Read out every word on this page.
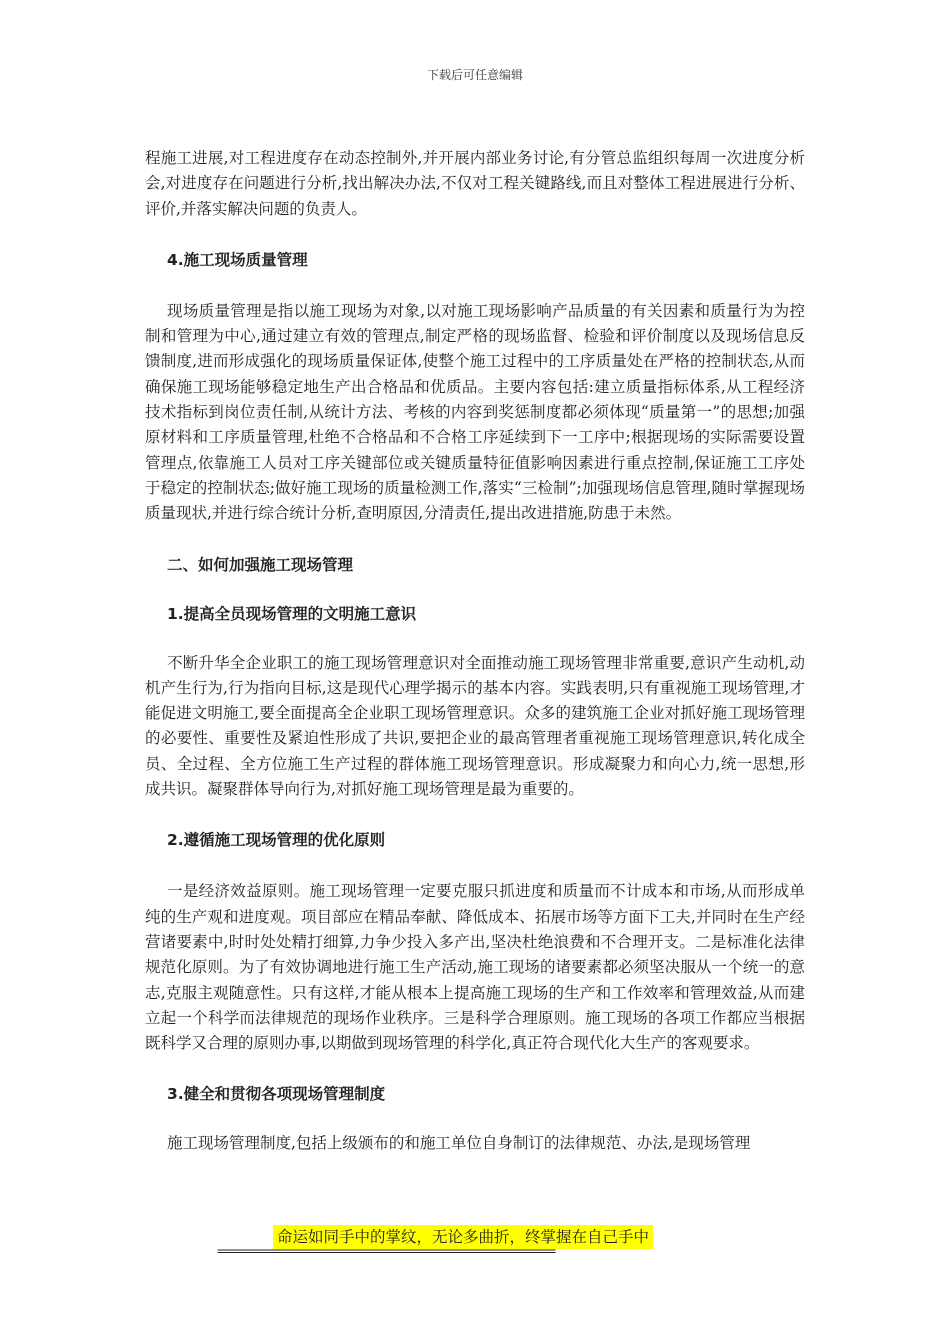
下载后可任意编辑

程施工进展,对工程进度存在动态控制外,并开展内部业务讨论,有分管总监组织每周一次进度分析会,对进度存在问题进行分析,找出解决办法,不仅对工程关键路线,而且对整体工程进展进行分析、评价,并落实解决问题的负责人。

4.施工现场质量管理

现场质量管理是指以施工现场为对象,以对施工现场影响产品质量的有关因素和质量行为为控制和管理为中心,通过建立有效的管理点,制定严格的现场监督、检验和评价制度以及现场信息反馈制度,进而形成强化的现场质量保证体,使整个施工过程中的工序质量处在严格的控制状态,从而确保施工现场能够稳定地生产出合格品和优质品。主要内容包括:建立质量指标体系,从工程经济技术指标到岗位责任制,从统计方法、考核的内容到奖惩制度都必须体现“质量第一”的思想;加强原材料和工序质量管理,杜绝不合格品和不合格工序延续到下一工序中;根据现场的实际需要设置管理点,依靠施工人员对工序关键部位或关键质量特征值影响因素进行重点控制,保证施工工序处于稳定的控制状态;做好施工现场的质量检测工作,落实“三检制”;加强现场信息管理,随时掌握现场质量现状,并进行综合统计分析,查明原因,分清责任,提出改进措施,防患于未然。

二、如何加强施工现场管理

1.提高全员现场管理的文明施工意识

不断升华全企业职工的施工现场管理意识对全面推动施工现场管理非常重要,意识产生动机,动机产生行为,行为指向目标,这是现代心理学揭示的基本内容。实践表明,只有重视施工现场管理,才能促进文明施工,要全面提高全企业职工现场管理意识。众多的建筑施工企业对抓好施工现场管理的必要性、重要性及紧迫性形成了共识,要把企业的最高管理者重视施工现场管理意识,转化成全员、全过程、全方位施工生产过程的群体施工现场管理意识。形成凝聚力和向心力,统一思想,形成共识。凝聚群体导向行为,对抓好施工现场管理是最为重要的。

2.遵循施工现场管理的优化原则

一是经济效益原则。施工现场管理一定要克服只抓进度和质量而不计成本和市场,从而形成单纯的生产观和进度观。项目部应在精品奉献、降低成本、拓展市场等方面下工夫,并同时在生产经营诸要素中,时时处处精打细算,力争少投入多产出,坚决杜绝浪费和不合理开支。二是标准化法律规范化原则。为了有效协调地进行施工生产活动,施工现场的诸要素都必须坚决服从一个统一的意志,克服主观随意性。只有这样,才能从根本上提高施工现场的生产和工作效率和管理效益,从而建立起一个科学而法律规范的现场作业秩序。三是科学合理原则。施工现场的各项工作都应当根据既科学又合理的原则办事,以期做到现场管理的科学化,真正符合现代化大生产的客观要求。

3.健全和贯彻各项现场管理制度

施工现场管理制度,包括上级颁布的和施工单位自身制订的法律规范、办法,是现场管理

命运如同手中的掌纹，无论多曲折，终掌握在自己手中
============================================================
